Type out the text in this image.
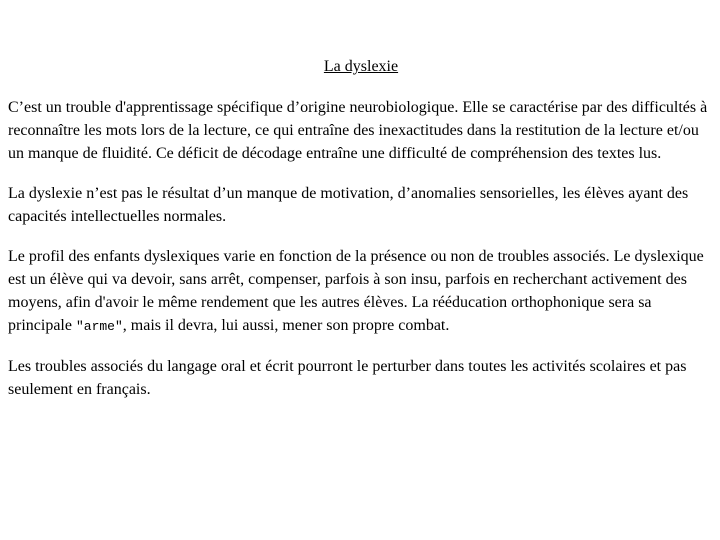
La dyslexie

C’est un trouble d'apprentissage spécifique d’origine neurobiologique. Elle se caractérise par des difficultés à reconnaître les mots lors de la lecture, ce qui entraîne des inexactitudes dans la restitution de la lecture et/ou un manque de fluidité. Ce déficit de décodage entraîne une difficulté de compréhension des textes lus.

La dyslexie n’est pas le résultat d’un manque de motivation, d’anomalies sensorielles, les élèves ayant des capacités intellectuelles normales.

Le profil des enfants dyslexiques varie en fonction de la présence ou non de troubles associés. Le dyslexique est un élève qui va devoir, sans arrêt, compenser, parfois à son insu, parfois en recherchant activement des moyens, afin d'avoir le même rendement que les autres élèves. La rééducation orthophonique sera sa principale "arme", mais il devra, lui aussi, mener son propre combat.

Les troubles associés du langage oral et écrit pourront le perturber dans toutes les activités scolaires et pas seulement en français.
